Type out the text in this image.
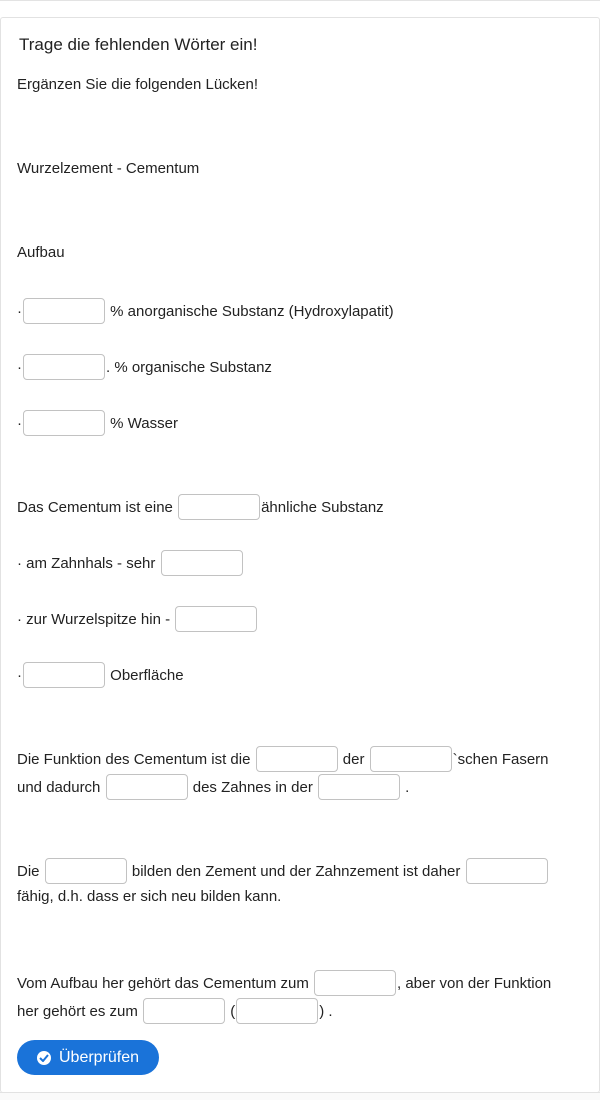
Trage die fehlenden Wörter ein!
Ergänzen Sie die folgenden Lücken!
Wurzelzement - Cementum
Aufbau
·	% anorganische Substanz (Hydroxylapatit)
·	. % organische Substanz
·	% Wasser
Das Cementum ist eine	ähnliche Substanz
· am Zahnhals - sehr
· zur Wurzelspitze hin -
·	Oberfläche
Die Funktion des Cementum ist die	der	`schen Fasern
und dadurch	des Zahnes in der	.
Die	bilden den Zement und der Zahnzement ist daher
fähig, d.h. dass er sich neu bilden kann.
Vom Aufbau her gehört das Cementum zum	, aber von der Funktion
her gehört es zum	(	) .
Überprüfen
